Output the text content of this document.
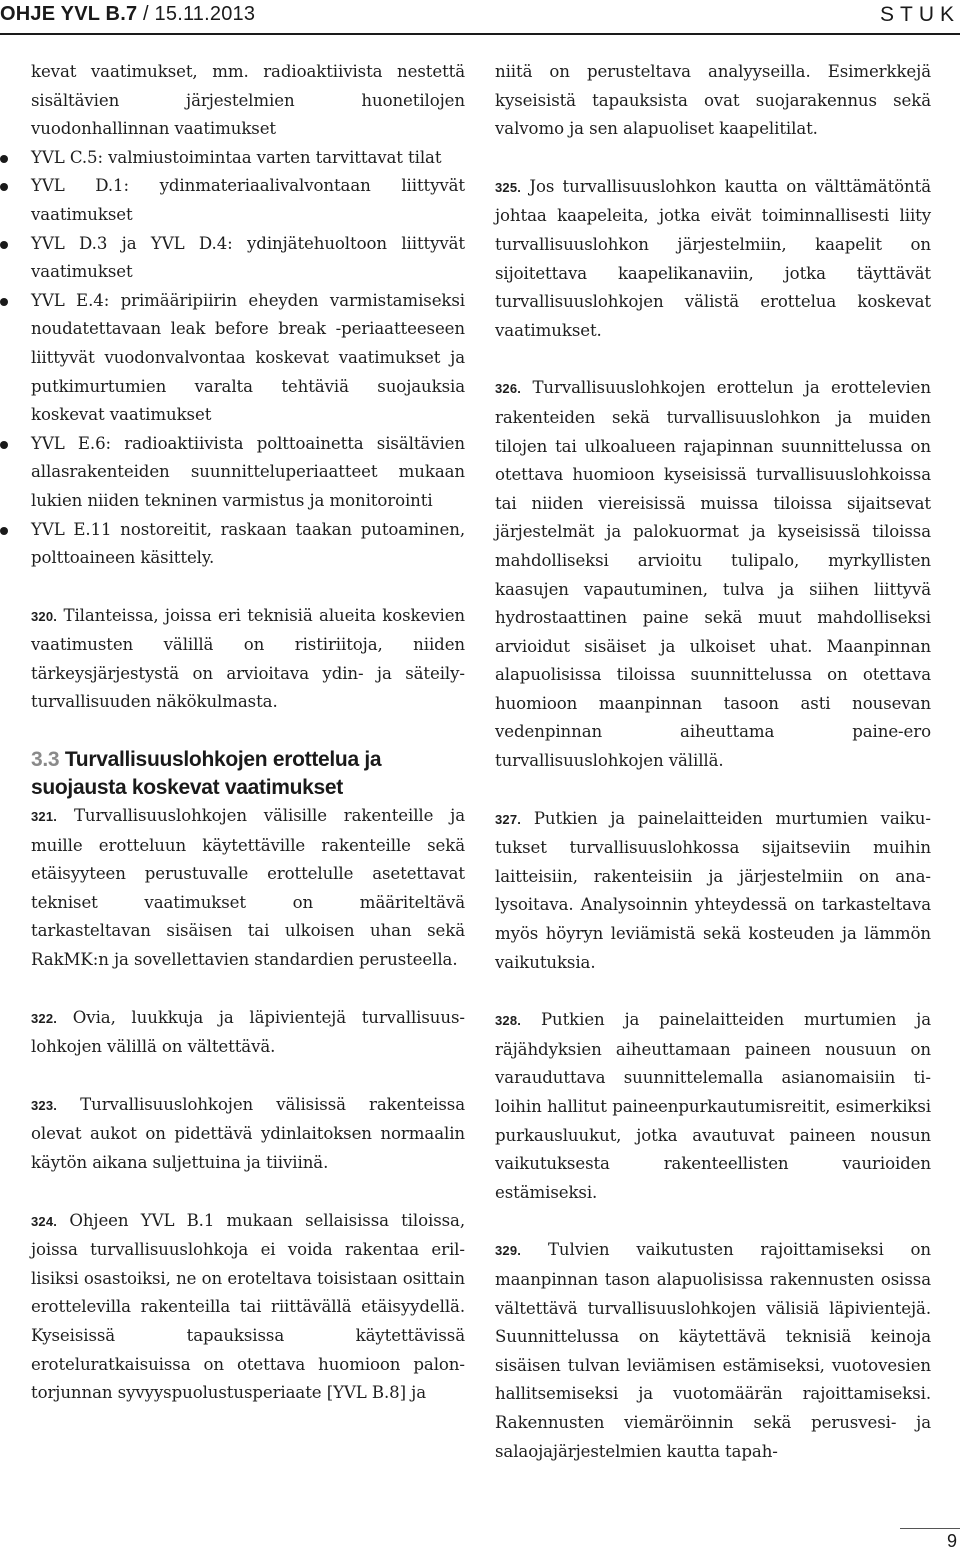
OHJE YVL B.7 / 15.11.2013	STUK

kevat vaatimukset, mm. radioaktiivista nestettä sisältävien järjestelmien huonetilojen vuodonhallinnan vaatimukset

YVL C.5: valmiustoimintaa varten tarvittavat tilat
YVL D.1: ydinmateriaalivalvontaan liittyvät vaatimukset
YVL D.3 ja YVL D.4: ydinjätehuoltoon liittyvät vaatimukset
YVL E.4: primääripiirin eheyden varmistamiseksi noudatettavaan leak before break -periaatteeseen liittyvät vuodonvalvontaa koskevat vaatimukset ja putkimurtumien varalta tehtäviä suojauksia koskevat vaatimukset
YVL E.6: radioaktiivista polttoainetta sisältävien allasrakenteiden suunnitteluperiaatteet mukaan lukien niiden tekninen varmistus ja monitorointi
YVL E.11 nostoreitit, raskaan taakan putoaminen, polttoaineen käsittely.

320. Tilanteissa, joissa eri teknisiä alueita koskevien vaatimusten välillä on ristiriitoja, niiden tärkeysjärjestystä on arvioitava ydin- ja säteilyturvallisuuden näkökulmasta.

3.3 Turvallisuuslohkojen erottelua ja suojausta koskevat vaatimukset

321. Turvallisuuslohkojen välisille rakenteille ja muille erotteluun käytettäville rakenteille sekä etäisyyteen perustuvalle erottelulle asetettavat tekniset vaatimukset on määriteltävä tarkasteltavan sisäisen tai ulkoisen uhan sekä RakMK:n ja sovellettavien standardien perusteella.

322. Ovia, luukkuja ja läpivientejä turvallisuuslohkojen välillä on vältettävä.

323. Turvallisuuslohkojen välisissä rakenteissa olevat aukot on pidettävä ydinlaitoksen normaalin käytön aikana suljettuina ja tiiviinä.

324. Ohjeen YVL B.1 mukaan sellaisissa tiloissa, joissa turvallisuuslohkoja ei voida rakentaa erillisiksi osastoiksi, ne on eroteltava toisistaan osittain erottelevilla rakenteilla tai riittävällä etäisyydellä. Kyseisissä tapauksissa käytettävissä eroteluratkaisuissa on otettava huomioon palontorjunnan syvyyspuolustusperiaate [YVL B.8] ja

niitä on perusteltava analyyseilla. Esimerkkejä kyseisistä tapauksista ovat suojarakennus sekä valvomo ja sen alapuoliset kaapelitilat.

325. Jos turvallisuuslohkon kautta on välttämätöntä johtaa kaapeleita, jotka eivät toiminnallisesti liity turvallisuuslohkon järjestelmiin, kaapelit on sijoitettava kaapelikanaviin, jotka täyttävät turvallisuuslohkojen välistä erottelua koskevat vaatimukset.

326. Turvallisuuslohkojen erottelun ja erottelevien rakenteiden sekä turvallisuuslohkon ja muiden tilojen tai ulkoalueen rajapinnan suunnittelussa on otettava huomioon kyseisissä turvallisuuslohkoissa tai niiden viereisissä muissa tiloissa sijaitsevat järjestelmät ja palokuormat ja kyseisissä tiloissa mahdolliseksi arvioitu tulipalo, myrkyllisten kaasujen vapautuminen, tulva ja siihen liittyvä hydrostaattinen paine sekä muut mahdolliseksi arvioidut sisäiset ja ulkoiset uhat. Maanpinnan alapuolisissa tiloissa suunnittelussa on otettava huomioon maanpinnan tasoon asti nousevan vedenpinnan aiheuttama paine-ero turvallisuuslohkojen välillä.

327. Putkien ja painelaitteiden murtumien vaikutukset turvallisuuslohkossa sijaitseviin muihin laitteisiin, rakenteisiin ja järjestelmiin on analysoitava. Analysoinnin yhteydessä on tarkasteltava myös höyryn leviämistä sekä kosteuden ja lämmön vaikutuksia.

328. Putkien ja painelaitteiden murtumien ja räjähdyksien aiheuttamaan paineen nousuun on varauduttava suunnittelemalla asianomaisiin tiloihin hallitut paineenpurkautumisreitit, esimerkiksi purkausluukut, jotka avautuvat paineen nousun vaikutuksesta rakenteellisten vaurioiden estämiseksi.

329. Tulvien vaikutusten rajoittamiseksi on maanpinnan tason alapuolisissa rakennusten osissa vältettävä turvallisuuslohkojen välisiä läpivientejä. Suunnittelussa on käytettävä teknisiä keinoja sisäisen tulvan leviämisen estämiseksi, vuotovesien hallitsemiseksi ja vuotomäärän rajoittamiseksi. Rakennusten viemäröinnin sekä perusvesi- ja salaojajärjestelmien kautta tapah-

9
